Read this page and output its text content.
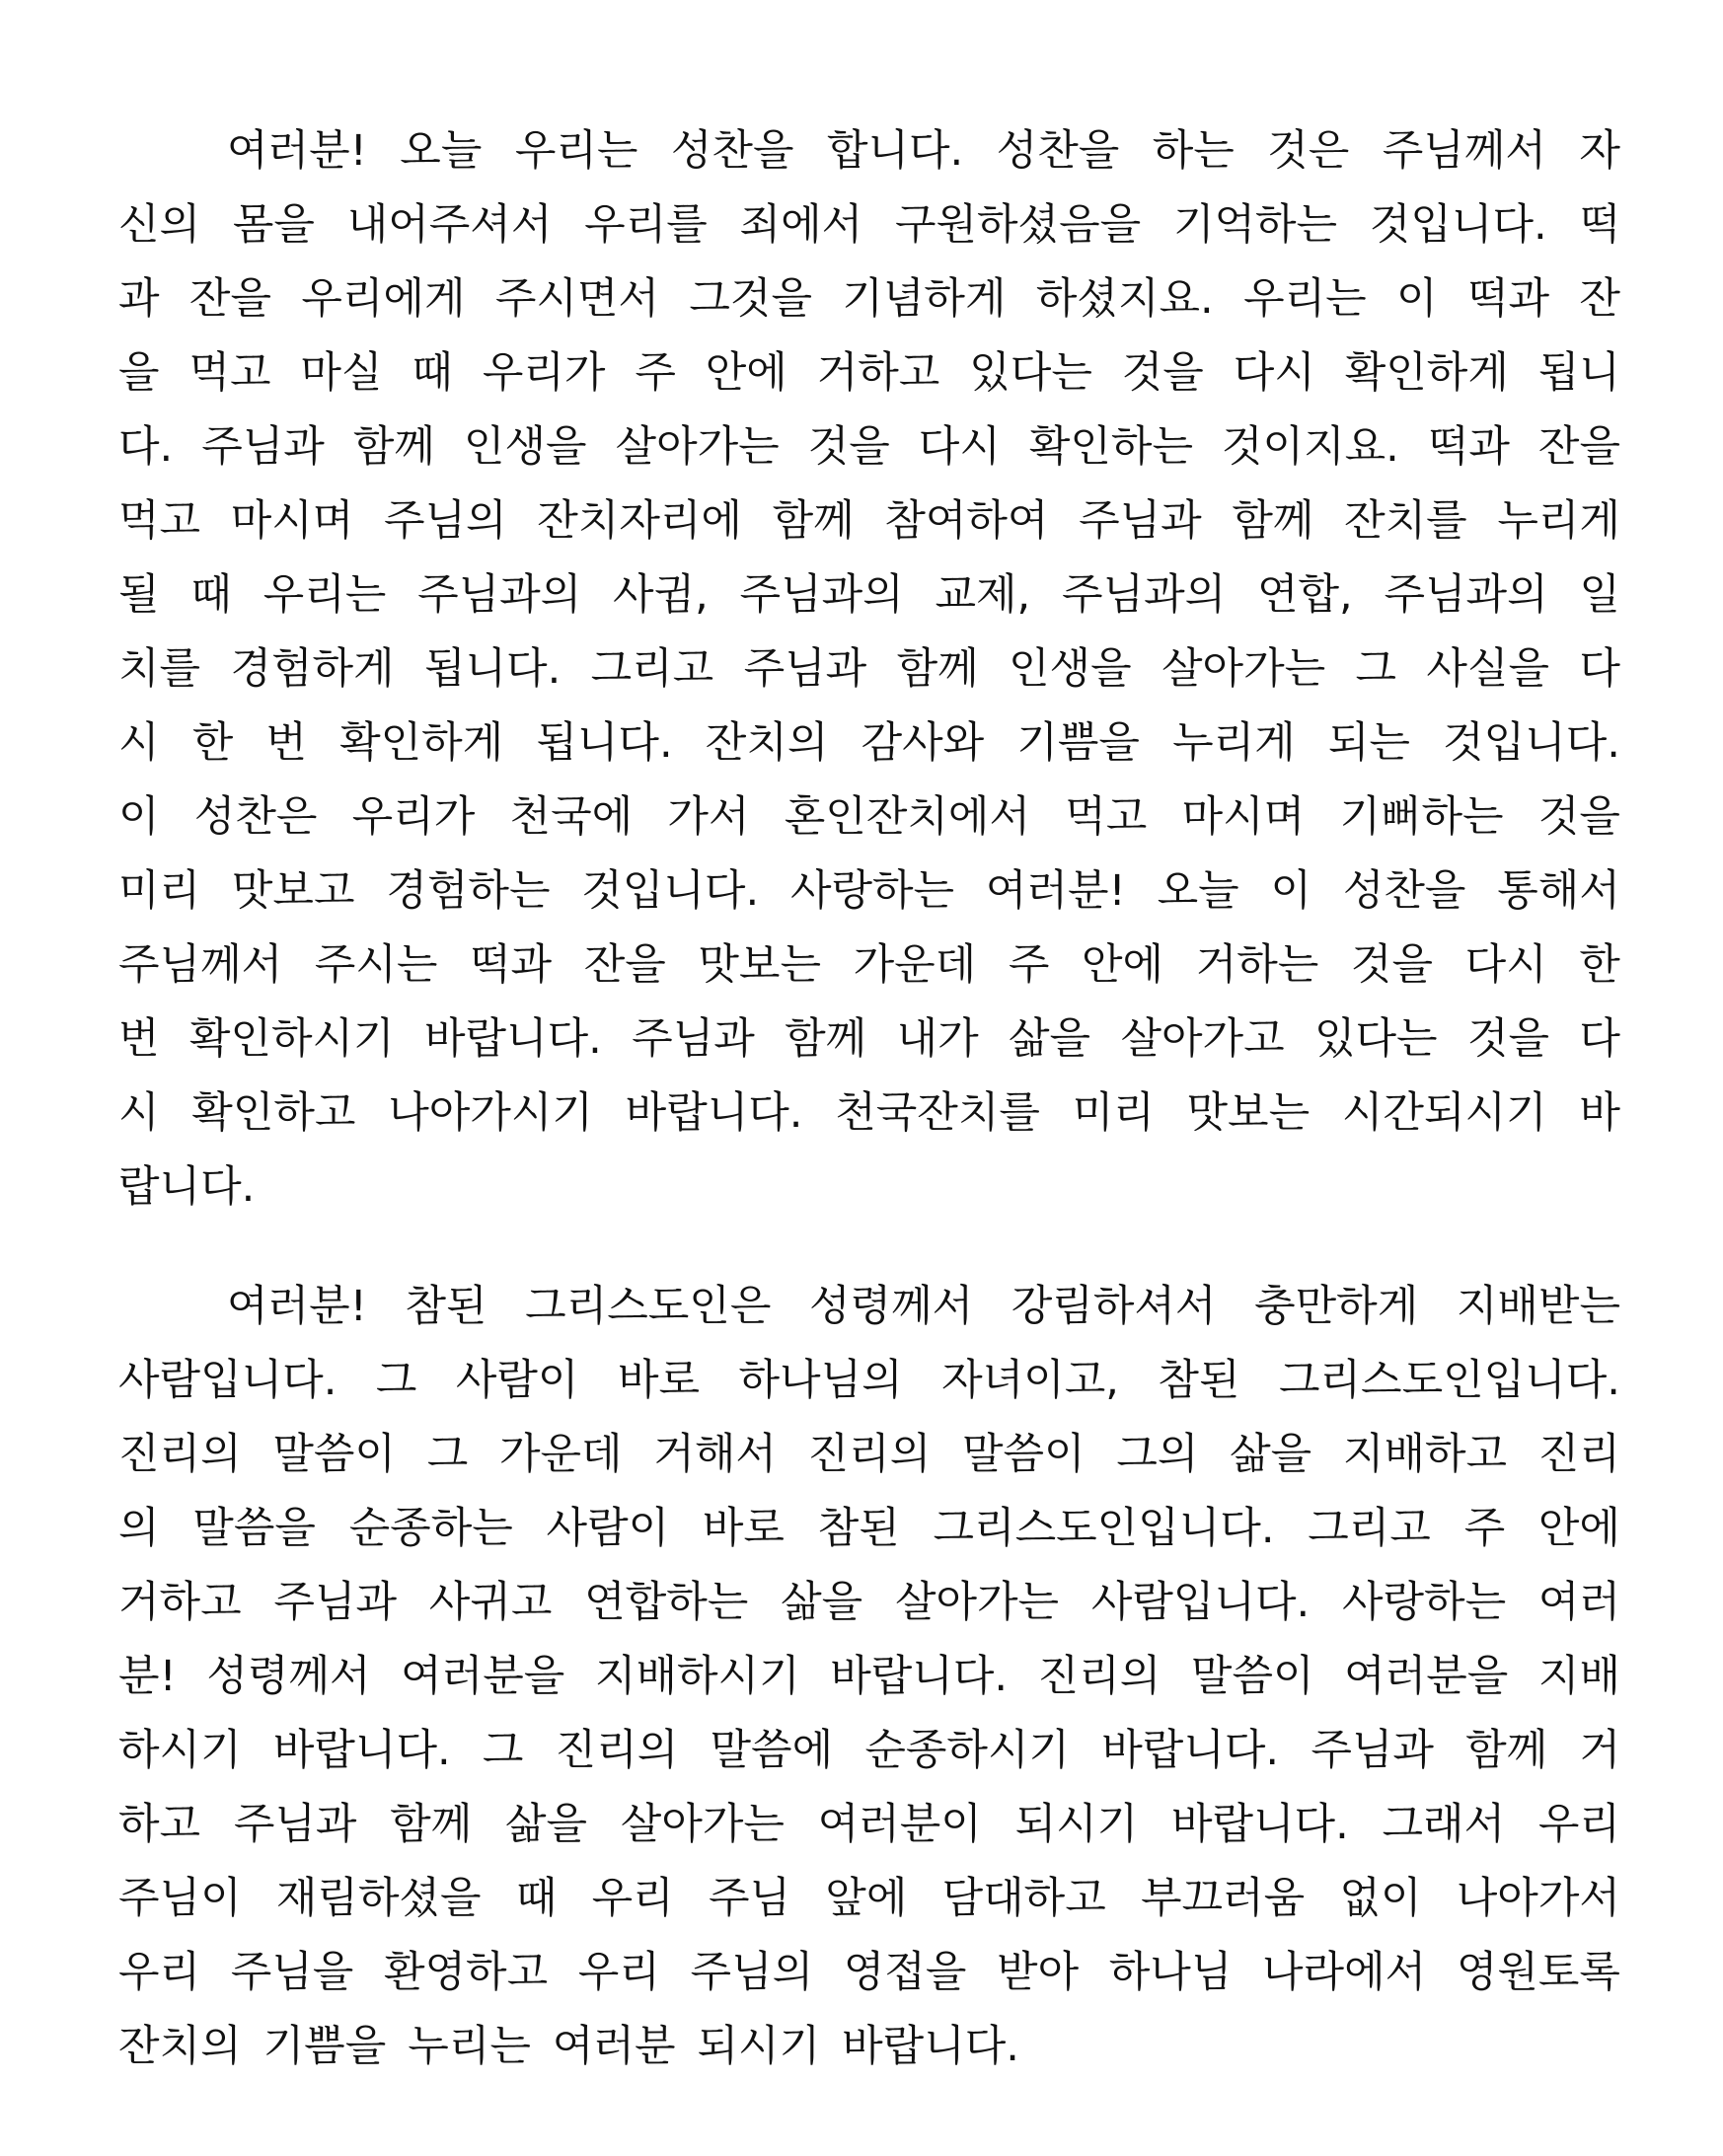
여러분! 오늘 우리는 성찬을 합니다. 성찬을 하는 것은 주님께서 자
신의 몸을 내어주셔서 우리를 죄에서 구원하셨음을 기억하는 것입니다. 떡
과 잔을 우리에게 주시면서 그것을 기념하게 하셨지요. 우리는 이 떡과 잔
을 먹고 마실 때 우리가 주 안에 거하고 있다는 것을 다시 확인하게 됩니
다. 주님과 함께 인생을 살아가는 것을 다시 확인하는 것이지요. 떡과 잔을
먹고 마시며 주님의 잔치자리에 함께 참여하여 주님과 함께 잔치를 누리게
될 때 우리는 주님과의 사귐, 주님과의 교제, 주님과의 연합, 주님과의 일
치를 경험하게 됩니다. 그리고 주님과 함께 인생을 살아가는 그 사실을 다
시 한 번 확인하게 됩니다. 잔치의 감사와 기쁨을 누리게 되는 것입니다.
이 성찬은 우리가 천국에 가서 혼인잔치에서 먹고 마시며 기뻐하는 것을
미리 맛보고 경험하는 것입니다. 사랑하는 여러분! 오늘 이 성찬을 통해서
주님께서 주시는 떡과 잔을 맛보는 가운데 주 안에 거하는 것을 다시 한
번 확인하시기 바랍니다. 주님과 함께 내가 삶을 살아가고 있다는 것을 다
시 확인하고 나아가시기 바랍니다. 천국잔치를 미리 맛보는 시간되시기 바
랍니다.
여러분! 참된 그리스도인은 성령께서 강림하셔서 충만하게 지배받는
사람입니다. 그 사람이 바로 하나님의 자녀이고, 참된 그리스도인입니다.
진리의 말씀이 그 가운데 거해서 진리의 말씀이 그의 삶을 지배하고 진리
의 말씀을 순종하는 사람이 바로 참된 그리스도인입니다. 그리고 주 안에
거하고 주님과 사귀고 연합하는 삶을 살아가는 사람입니다. 사랑하는 여러
분! 성령께서 여러분을 지배하시기 바랍니다. 진리의 말씀이 여러분을 지배
하시기 바랍니다. 그 진리의 말씀에 순종하시기 바랍니다. 주님과 함께 거
하고 주님과 함께 삶을 살아가는 여러분이 되시기 바랍니다. 그래서 우리
주님이 재림하셨을 때 우리 주님 앞에 담대하고 부끄러움 없이 나아가서
우리 주님을 환영하고 우리 주님의 영접을 받아 하나님 나라에서 영원토록
잔치의 기쁨을 누리는 여러분 되시기 바랍니다.
